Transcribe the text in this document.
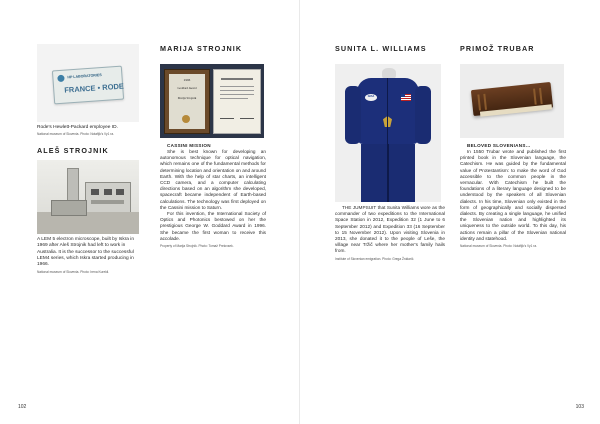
HP LABORATORIES
FRANCE • RODE
Rode's Hewlett-Packard employee ID.
National museum of Slovenia. Photo: Notafijk's Vy1 ra.
ALEŠ STROJNIK
A LEM 5 electron microscope, built by Iskra in 1969 after Aleš Strojnik had left to work in Australia. It is the successor to the successful LEM4 series, which Iskra started producing in 1966.
National museum of Slovenia. Photo: Irena Kurekli.
MARIJA STROJNIK
1996
Goddard Award
Marija Strojnik
CASSINI MISSION

She is best known for developing an autonomous technique for optical navigation, which remains one of the fundamental methods for determining location and orientation on and around Earth. With the help of star charts, an intelligent CCD camera, and a computer calculating directions based on an algorithm she developed, spacecraft became independent of Earth-based calculations. The technology was first deployed on the Cassini mission to Saturn.

For this invention, the International Society of Optics and Photonics bestowed on her the prestigious George W. Goddard Award in 1996. She became the first woman to receive this accolade.

Property of Marija Strojnik. Photo: Tomaž Prelovsek.
102
SUNITA L. WILLIAMS
NASA
THE JUMPSUIT that Sunita Williams wore as the commander of two expeditions to the International Space Station in 2012, Expedition 32 (1 June to 6 September 2012) and Expedition 33 (16 September to 15 November 2012). Upon visiting Slovenia in 2013, she donated it to the people of Leše, the village near Tržič where her mother's family hails from.
Institute of Slovenian emigration. Photo: Grega Žnidarič.
PRIMOŽ TRUBAR
BELOVED SLOVENIANS…
In 1550 Trubar wrote and published the first printed book in the Slovenian language, the Catechism. He was guided by the fundamental value of Protestantism: to make the word of God accessible to the common people in the vernacular. With Catechism he built the foundations of a literary language designed to be understood by the speakers of all Slovenian dialects. In his time, Slovenian only existed in the form of geographically and socially dispersed dialects. By creating a single language, he unified the Slovenian nation and highlighted its uniqueness to the outside world. To this day, his actions remain a pillar of the Slovenian national identity and statehood.
National museum of Slovenia. Photo: Notáfijk's Vy1 ra.
103
